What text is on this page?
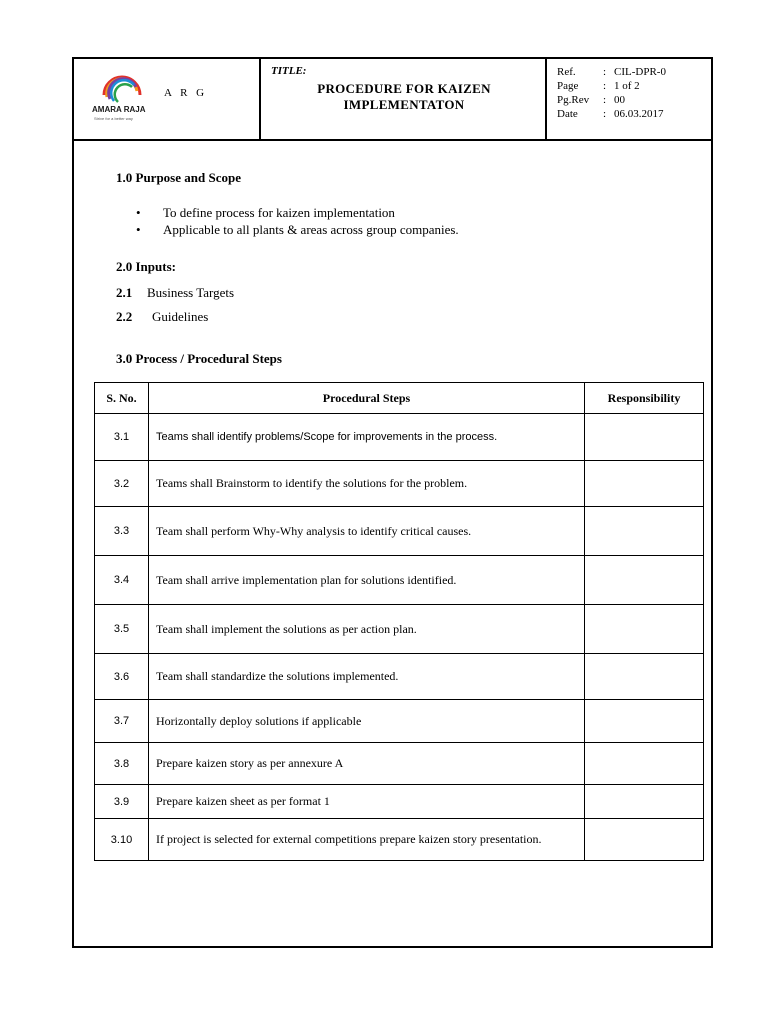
AMARA RAJA
Strive for a better way
A R G
TITLE:
PROCEDURE FOR KAIZEN
IMPLEMENTATON
Ref. : CIL-DPR-0
Page : 1 of 2
Pg.Rev : 00
Date : 06.03.2017
1.0 Purpose and Scope
• To define process for kaizen implementation
• Applicable to all plants & areas across group companies.
2.0 Inputs:
2.1 Business Targets
2.2 Guidelines
3.0 Process / Procedural Steps
S. No.	Procedural Steps	Responsibility
3.1	Teams shall identify problems/Scope for improvements in the process.	
3.2	Teams shall Brainstorm to identify the solutions for the problem.	
3.3	Team shall perform Why-Why analysis to identify critical causes.	
3.4	Team shall arrive implementation plan for solutions identified.	
3.5	Team shall implement the solutions as per action plan.	
3.6	Team shall standardize the solutions implemented.	
3.7	Horizontally deploy solutions if applicable	
3.8	Prepare kaizen story as per annexure A	
3.9	Prepare kaizen sheet as per format 1	
3.10	If project is selected for external competitions prepare kaizen story presentation.	
